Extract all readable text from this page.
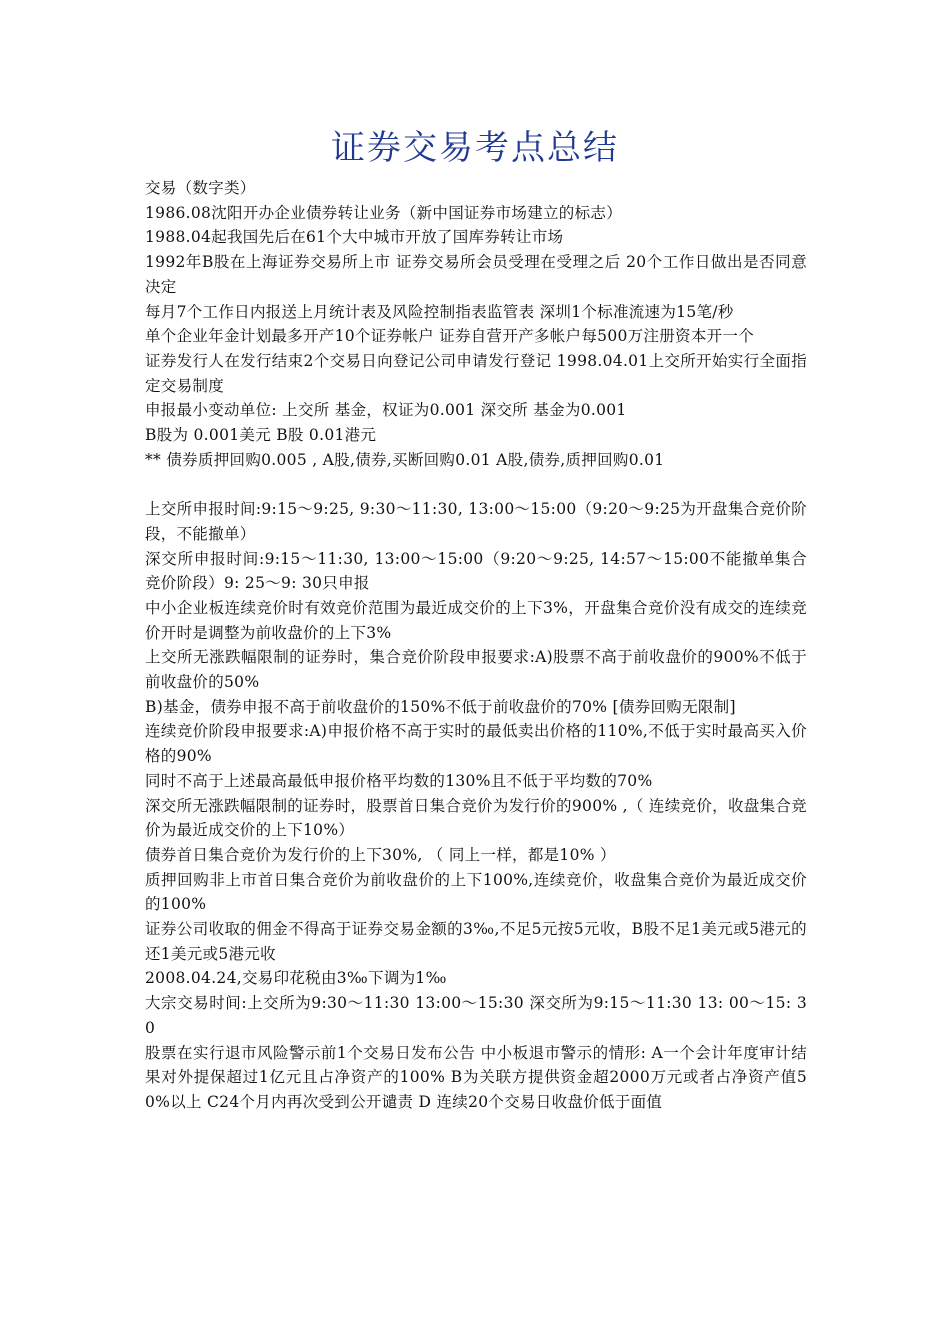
证券交易考点总结

交易（数字类）

1986.08沈阳开办企业债券转让业务（新中国证券市场建立的标志）

1988.04起我国先后在61个大中城市开放了国库券转让市场

1992年B股在上海证券交易所上市 证券交易所会员受理在受理之后 20个工作日做出是否同意决定

每月7个工作日内报送上月统计表及风险控制指表监管表 深圳1个标准流速为15笔/秒

单个企业年金计划最多开产10个证券帐户 证券自营开产多帐户每500万注册资本开一个

证券发行人在发行结束2个交易日向登记公司申请发行登记 1998.04.01上交所开始实行全面指定交易制度

申报最小变动单位: 上交所 基金，权证为0.001 深交所 基金为0.001

B股为 0.001美元 B股 0.01港元

** 债券质押回购0.005 , A股,债券,买断回购0.01 A股,债券,质押回购0.01

上交所申报时间:9:15～9:25, 9:30～11:30, 13:00～15:00（9:20～9:25为开盘集合竞价阶段，不能撤单）

深交所申报时间:9:15～11:30, 13:00～15:00（9:20～9:25, 14:57～15:00不能撤单集合竞价阶段）9: 25～9: 30只申报

中小企业板连续竞价时有效竞价范围为最近成交价的上下3%，开盘集合竞价没有成交的连续竞价开时是调整为前收盘价的上下3%

上交所无涨跌幅限制的证券时，集合竞价阶段申报要求:A)股票不高于前收盘价的900%不低于前收盘价的50%

B)基金，债券申报不高于前收盘价的150%不低于前收盘价的70% [债券回购无限制]

连续竞价阶段申报要求:A)申报价格不高于实时的最低卖出价格的110%,不低于实时最高买入价格的90%

同时不高于上述最高最低申报价格平均数的130%且不低于平均数的70%

深交所无涨跌幅限制的证券时，股票首日集合竞价为发行价的900% ,（ 连续竞价，收盘集合竞价为最近成交价的上下10%）

债券首日集合竞价为发行价的上下30%, （ 同上一样，都是10% ）

质押回购非上市首日集合竞价为前收盘价的上下100%,连续竞价，收盘集合竞价为最近成交价的100%

证券公司收取的佣金不得高于证券交易金额的3‰,不足5元按5元收，B股不足1美元或5港元的还1美元或5港元收

2008.04.24,交易印花税由3‰下调为1‰

大宗交易时间:上交所为9:30～11:30 13:00～15:30 深交所为9:15～11:30 13: 00～15: 30

股票在实行退市风险警示前1个交易日发布公告 中小板退市警示的情形: A一个会计年度审计结果对外提保超过1亿元且占净资产的100% B为关联方提供资金超2000万元或者占净资产值50%以上 C24个月内再次受到公开谴责 D 连续20个交易日收盘价低于面值
